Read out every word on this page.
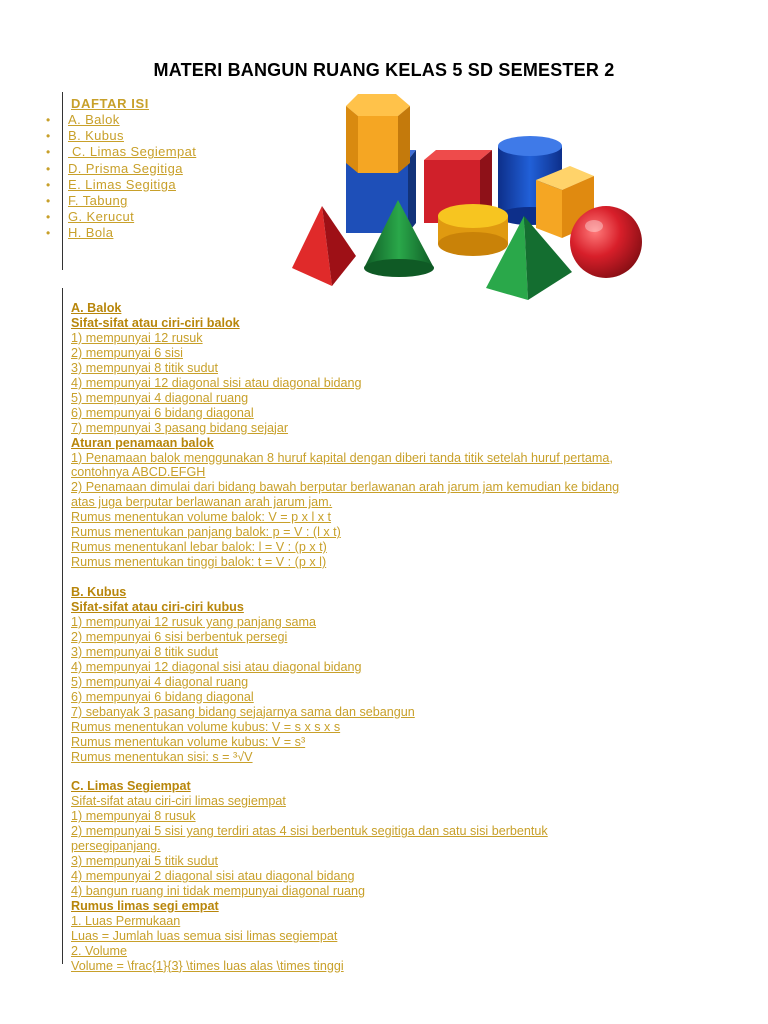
MATERI BANGUN RUANG KELAS 5 SD SEMESTER 2
DAFTAR ISI
• A. Balok
• B. Kubus
• C. Limas Segiempat
• D. Prisma Segitiga
• E. Limas Segitiga
• F. Tabung
• G. Kerucut
• H. Bola
A. Balok
Sifat-sifat atau ciri-ciri balok
1) mempunyai 12 rusuk
2) mempunyai 6 sisi
3) mempunyai 8 titik sudut
4) mempunyai 12 diagonal sisi atau diagonal bidang
5) mempunyai 4 diagonal ruang
6) mempunyai 6 bidang diagonal
7) mempunyai 3 pasang bidang sejajar
Aturan penamaan balok
1) Penamaan balok menggunakan 8 huruf kapital dengan diberi tanda titik setelah huruf pertama,
contohnya ABCD.EFGH
2) Penamaan dimulai dari bidang bawah berputar berlawanan arah jarum jam kemudian ke bidang
atas juga berputar berlawanan arah jarum jam.
Rumus menentukan volume balok: V = p x l x t
Rumus menentukan panjang balok: p = V : (l x t)
Rumus menentukanl lebar balok: l = V : (p x t)
Rumus menentukan tinggi balok: t = V : (p x l)
B. Kubus
Sifat-sifat atau ciri-ciri kubus
1) mempunyai 12 rusuk yang panjang sama
2) mempunyai 6 sisi berbentuk persegi
3) mempunyai 8 titik sudut
4) mempunyai 12 diagonal sisi atau diagonal bidang
5) mempunyai 4 diagonal ruang
6) mempunyai 6 bidang diagonal
7) sebanyak 3 pasang bidang sejajarnya sama dan sebangun
Rumus menentukan volume kubus: V = s x s x s
Rumus menentukan volume kubus: V = s³
Rumus menentukan sisi: s = ³√V
C. Limas Segiempat
Sifat-sifat atau ciri-ciri limas segiempat
1) mempunyai 8 rusuk
2) mempunyai 5 sisi yang terdiri atas 4 sisi berbentuk segitiga dan satu sisi berbentuk
persegipanjang.
3) mempunyai 5 titik sudut
4) mempunyai 2 diagonal sisi atau diagonal bidang
4) bangun ruang ini tidak mempunyai diagonal ruang
Rumus limas segi empat
1. Luas Permukaan
Luas = Jumlah luas semua sisi limas segiempat
2. Volume
Volume = \frac{1}{3} \times luas alas \times tinggi
